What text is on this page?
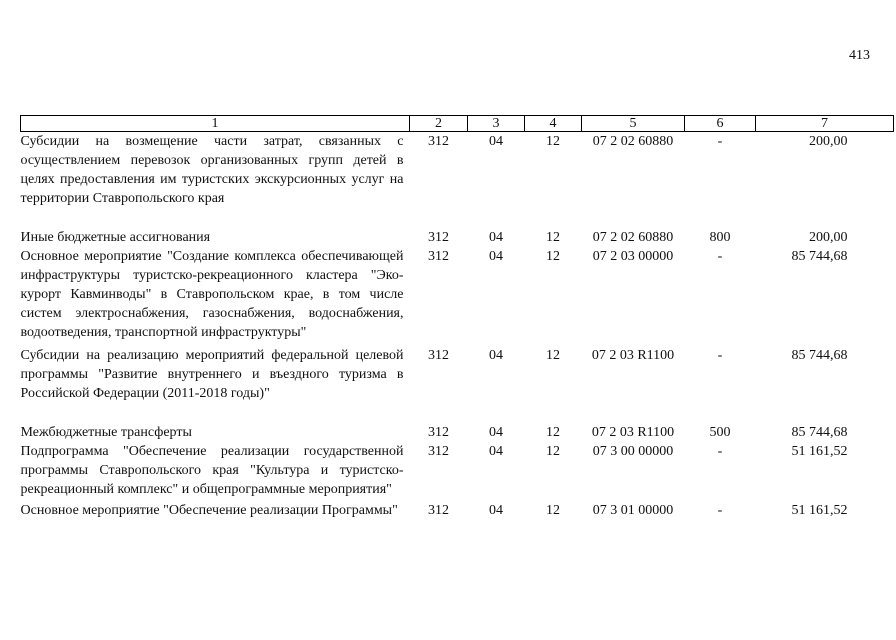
413
1	2	3	4	5	6	7
Субсидии на возмещение части затрат, связанных с осуществлением перевозок организованных групп детей в целях предоставления им туристских экскурсионных услуг на территории Ставропольского края	312	04	12	07 2 02 60880	-	200,00

Иные бюджетные ассигнования	312	04	12	07 2 02 60880	800	200,00
Основное мероприятие "Создание комплекса обеспечивающей инфраструктуры туристско-рекреационного кластера "Эко-курорт Кавминводы" в Ставропольском крае, в том числе систем электроснабжения, газоснабжения, водоснабжения, водоотведения, транспортной инфраструктуры"	312	04	12	07 2 03 00000	-	85 744,68

Субсидии на реализацию мероприятий федеральной целевой программы "Развитие внутреннего и въездного туризма в Российской Федерации (2011-2018 годы)"	312	04	12	07 2 03 R1100	-	85 744,68

Межбюджетные трансферты	312	04	12	07 2 03 R1100	500	85 744,68
Подпрограмма "Обеспечение реализации государственной программы Ставропольского края "Культура и туристско-рекреационный комплекс" и общепрограммные мероприятия"	312	04	12	07 3 00 00000	-	51 161,52

Основное мероприятие "Обеспечение реализации Программы"	312	04	12	07 3 01 00000	-	51 161,52
